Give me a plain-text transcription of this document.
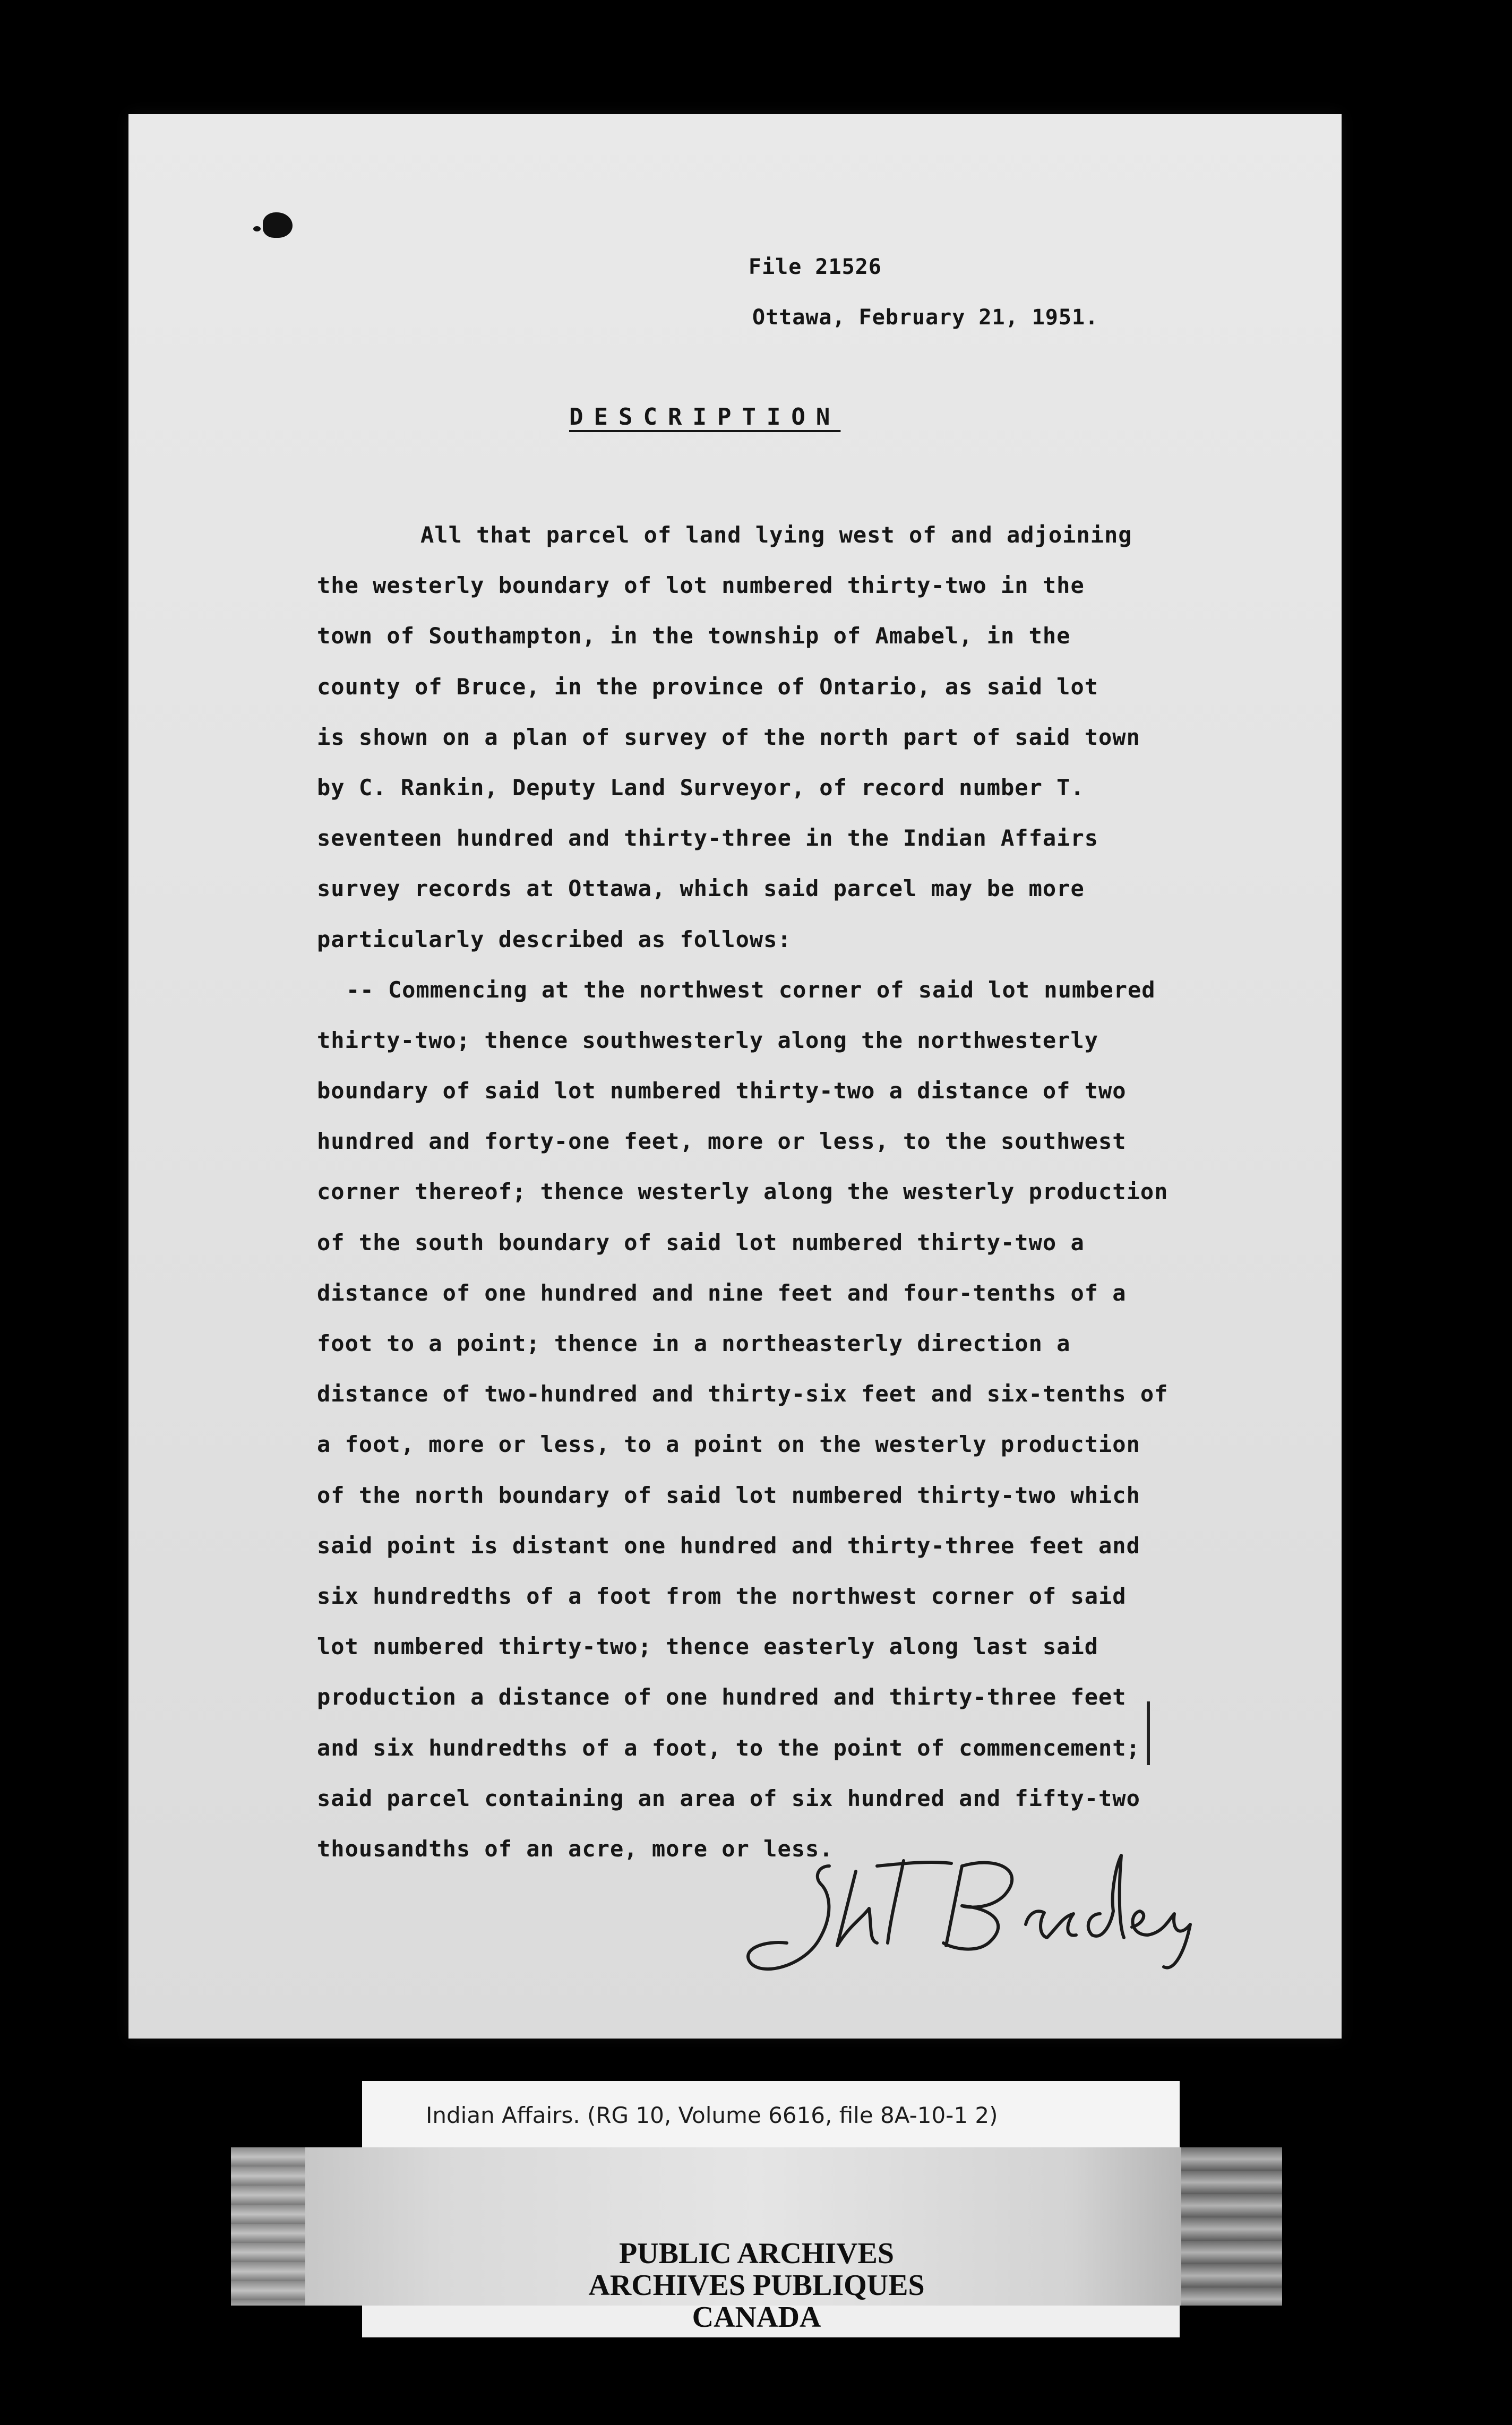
File 21526
Ottawa, February 21, 1951.
DESCRIPTION
All that parcel of land lying west of and adjoining
the westerly boundary of lot numbered thirty-two in the
town of Southampton, in the township of Amabel, in the
county of Bruce, in the province of Ontario, as said lot
is shown on a plan of survey of the north part of said town
by C. Rankin, Deputy Land Surveyor, of record number T.
seventeen hundred and thirty-three in the Indian Affairs
survey records at Ottawa, which said parcel may be more
particularly described as follows:
-- Commencing at the northwest corner of said lot numbered
thirty-two; thence southwesterly along the northwesterly
boundary of said lot numbered thirty-two a distance of two
hundred and forty-one feet, more or less, to the southwest
corner thereof; thence westerly along the westerly production
of the south boundary of said lot numbered thirty-two a
distance of one hundred and nine feet and four-tenths of a
foot to a point; thence in a northeasterly direction a
distance of two-hundred and thirty-six feet and six-tenths of
a foot, more or less, to a point on the westerly production
of the north boundary of said lot numbered thirty-two which
said point is distant one hundred and thirty-three feet and
six hundredths of a foot from the northwest corner of said
lot numbered thirty-two; thence easterly along last said
production a distance of one hundred and thirty-three feet
and six hundredths of a foot, to the point of commencement;
said parcel containing an area of six hundred and fifty-two
thousandths of an acre, more or less.
Indian Affairs. (RG 10, Volume 6616, file 8A-10-1 2)
PUBLIC ARCHIVES
ARCHIVES PUBLIQUES
CANADA
